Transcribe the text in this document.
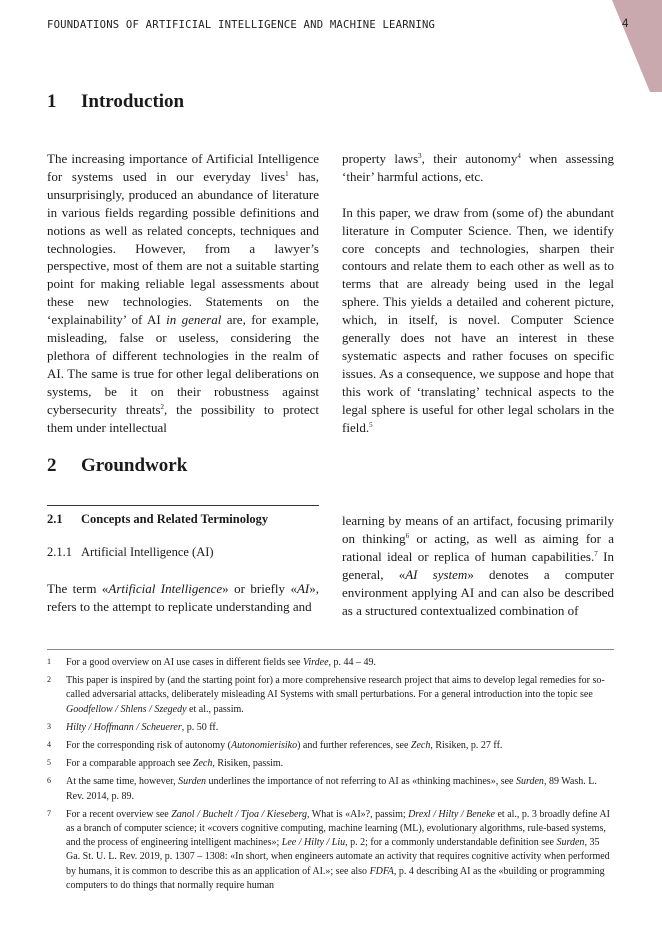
FOUNDATIONS OF ARTIFICIAL INTELLIGENCE AND MACHINE LEARNING	4
1 Introduction

The increasing importance of Artificial Intelligence for systems used in our everyday lives$^1$ has, unsurprisingly, produced an abundance of literature in various fields regarding possible definitions and notions as well as related concepts, techniques and technologies. However, from a lawyer’s perspective, most of them are not a suitable starting point for making reliable legal assessments about these new technologies. Statements on the ‘explainability’ of AI in general are, for example, misleading, false or useless, considering the plethora of different technologies in the realm of AI. The same is true for other legal deliberations on systems, be it on their robustness against cybersecurity threats$^2$, the possibility to protect them under intellectual

property laws$^3$, their autonomy$^4$ when assessing ‘their’ harmful actions, etc.

In this paper, we draw from (some of) the abundant literature in Computer Science. Then, we identify core concepts and technologies, sharpen their contours and relate them to each other as well as to terms that are already being used in the legal sphere. This yields a detailed and coherent picture, which, in itself, is novel. Computer Science generally does not have an interest in these systematic aspects and rather focuses on specific issues. As a consequence, we suppose and hope that this work of ‘translating’ technical aspects to the legal sphere is useful for other legal scholars in the field.$^5$

2 Groundwork
2.1 Concepts and Related Terminology
2.1.1 Artificial Intelligence (AI)

The term «Artificial Intelligence» or briefly «AI», refers to the attempt to replicate understanding and

learning by means of an artifact, focusing primarily on thinking$^6$ or acting, as well as aiming for a rational ideal or replica of human capabilities.$^7$ In general, «AI system» denotes a computer environment applying AI and can also be described as a structured contextualized combination of

1	For a good overview on AI use cases in different fields see Virdee, p. 44 – 49.
2	This paper is inspired by (and the starting point for) a more comprehensive research project that aims to develop legal remedies for so-called adversarial attacks, deliberately misleading AI Systems with small perturbations. For a general introduction into the topic see Goodfellow / Shlens / Szegedy et al., passim.
3	Hilty / Hoffmann / Scheuerer, p. 50 ff.
4	For the corresponding risk of autonomy (Autonomierisiko) and further references, see Zech, Risiken, p. 27 ff.
5	For a comparable approach see Zech, Risiken, passim.
6	At the same time, however, Surden underlines the importance of not referring to AI as «thinking machines», see Surden, 89 Wash. L. Rev. 2014, p. 89.
7	For a recent overview see Zanol / Buchelt / Tjoa / Kieseberg, What is «AI»?, passim; Drexl / Hilty / Beneke et al., p. 3 broadly define AI as a branch of computer science; it «covers cognitive computing, machine learning (ML), evolutionary algorithms, rule-based systems, and the process of engineering intelligent machines»; Lee / Hilty / Liu, p. 2; for a commonly understandable definition see Surden, 35 Ga. St. U. L. Rev. 2019, p. 1307 – 1308: «In short, when engineers automate an activity that requires cognitive activity when performed by humans, it is common to describe this as an application of AI.»; see also FDFA, p. 4 describing AI as the «building or programming computers to do things that normally require human
